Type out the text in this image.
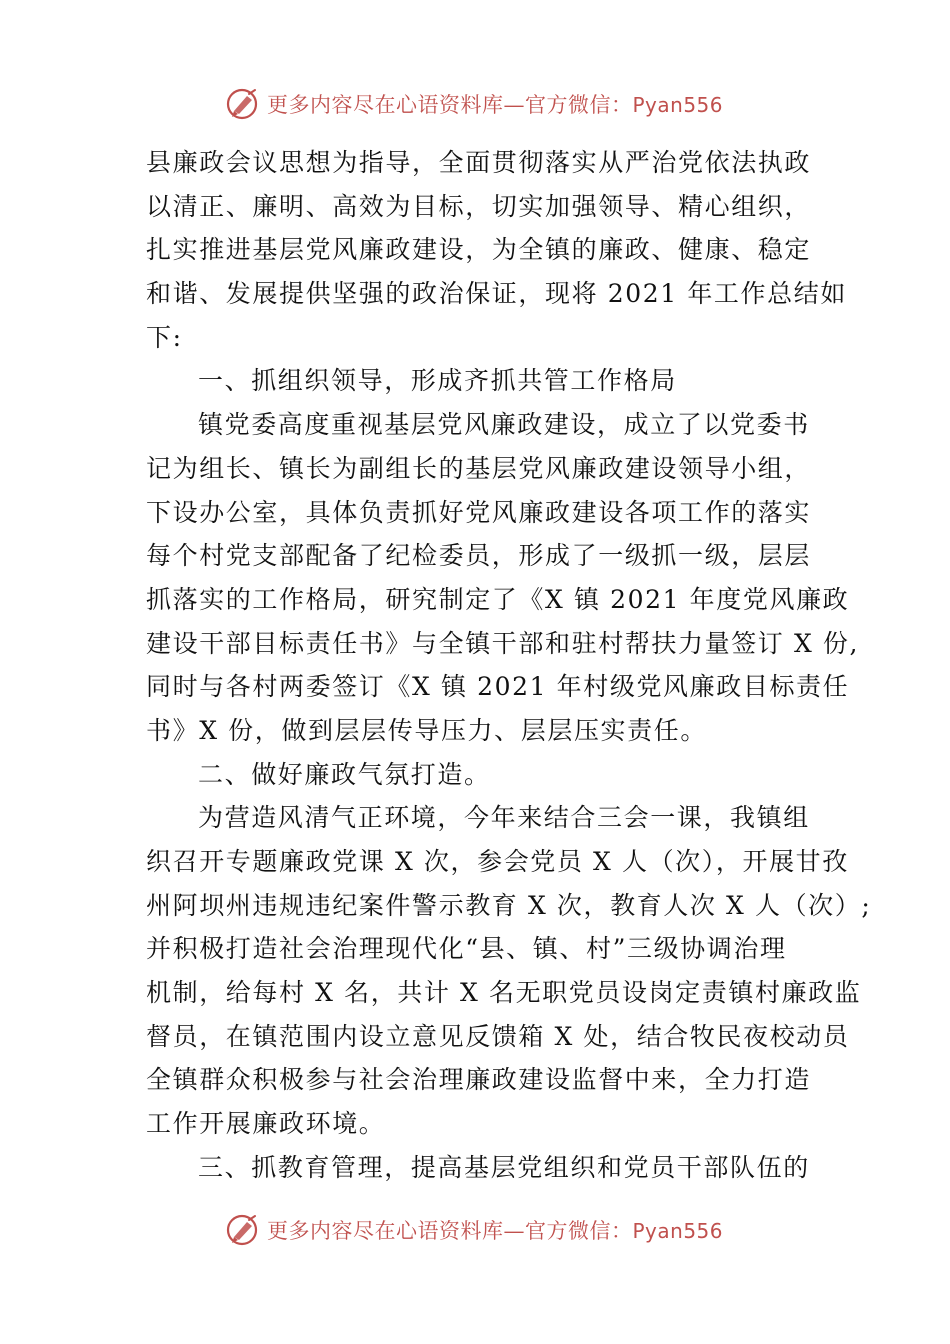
更多内容尽在心语资料库—官方微信：Pyan556
县廉政会议思想为指导，全面贯彻落实从严治党依法执政
以清正、廉明、高效为目标，切实加强领导、精心组织，
扎实推进基层党风廉政建设，为全镇的廉政、健康、稳定
和谐、发展提供坚强的政治保证，现将 2021 年工作总结如
下:
一、抓组织领导，形成齐抓共管工作格局
镇党委高度重视基层党风廉政建设，成立了以党委书
记为组长、镇长为副组长的基层党风廉政建设领导小组，
下设办公室，具体负责抓好党风廉政建设各项工作的落实
每个村党支部配备了纪检委员，形成了一级抓一级，层层
抓落实的工作格局，研究制定了《X 镇 2021 年度党风廉政
建设干部目标责任书》与全镇干部和驻村帮扶力量签订 X 份,
同时与各村两委签订《X 镇 2021 年村级党风廉政目标责任
书》X 份，做到层层传导压力、层层压实责任。
二、做好廉政气氛打造。
为营造风清气正环境，今年来结合三会一课，我镇组
织召开专题廉政党课 X 次，参会党员 X 人（次），开展甘孜
州阿坝州违规违纪案件警示教育 X 次，教育人次 X 人（次）;
并积极打造社会治理现代化“县、镇、村”三级协调治理
机制，给每村 X 名，共计 X 名无职党员设岗定责镇村廉政监
督员，在镇范围内设立意见反馈箱 X 处，结合牧民夜校动员
全镇群众积极参与社会治理廉政建设监督中来，全力打造
工作开展廉政环境。
三、抓教育管理，提高基层党组织和党员干部队伍的
更多内容尽在心语资料库—官方微信：Pyan556
